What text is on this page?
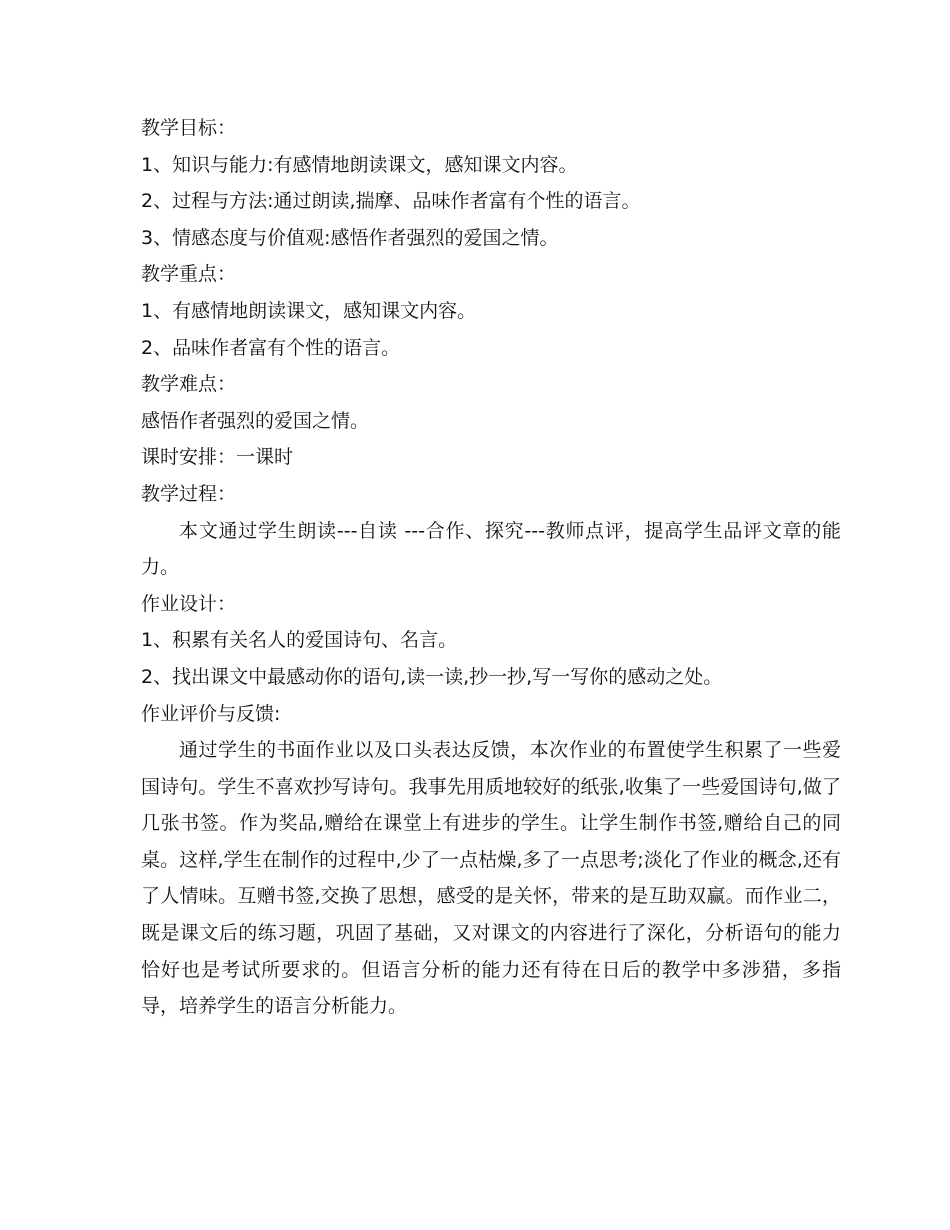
教学目标：
1、知识与能力:有感情地朗读课文，感知课文内容。
2、过程与方法:通过朗读,揣摩、品味作者富有个性的语言。
3、情感态度与价值观:感悟作者强烈的爱国之情。
教学重点：
1、有感情地朗读课文，感知课文内容。
2、品味作者富有个性的语言。
教学难点：
感悟作者强烈的爱国之情。
课时安排：一课时
教学过程：

本文通过学生朗读---自读 ---合作、探究---教师点评，提高学生品评文章的能力。

作业设计：
1、积累有关名人的爱国诗句、名言。
2、找出课文中最感动你的语句,读一读,抄一抄,写一写你的感动之处。
作业评价与反馈:

通过学生的书面作业以及口头表达反馈，本次作业的布置使学生积累了一些爱国诗句。学生不喜欢抄写诗句。我事先用质地较好的纸张,收集了一些爱国诗句,做了几张书签。作为奖品,赠给在课堂上有进步的学生。让学生制作书签,赠给自己的同桌。这样,学生在制作的过程中,少了一点枯燥,多了一点思考;淡化了作业的概念,还有了人情味。互赠书签,交换了思想，感受的是关怀，带来的是互助双赢。而作业二，既是课文后的练习题，巩固了基础，又对课文的内容进行了深化，分析语句的能力恰好也是考试所要求的。但语言分析的能力还有待在日后的教学中多涉猎，多指导，培养学生的语言分析能力。
